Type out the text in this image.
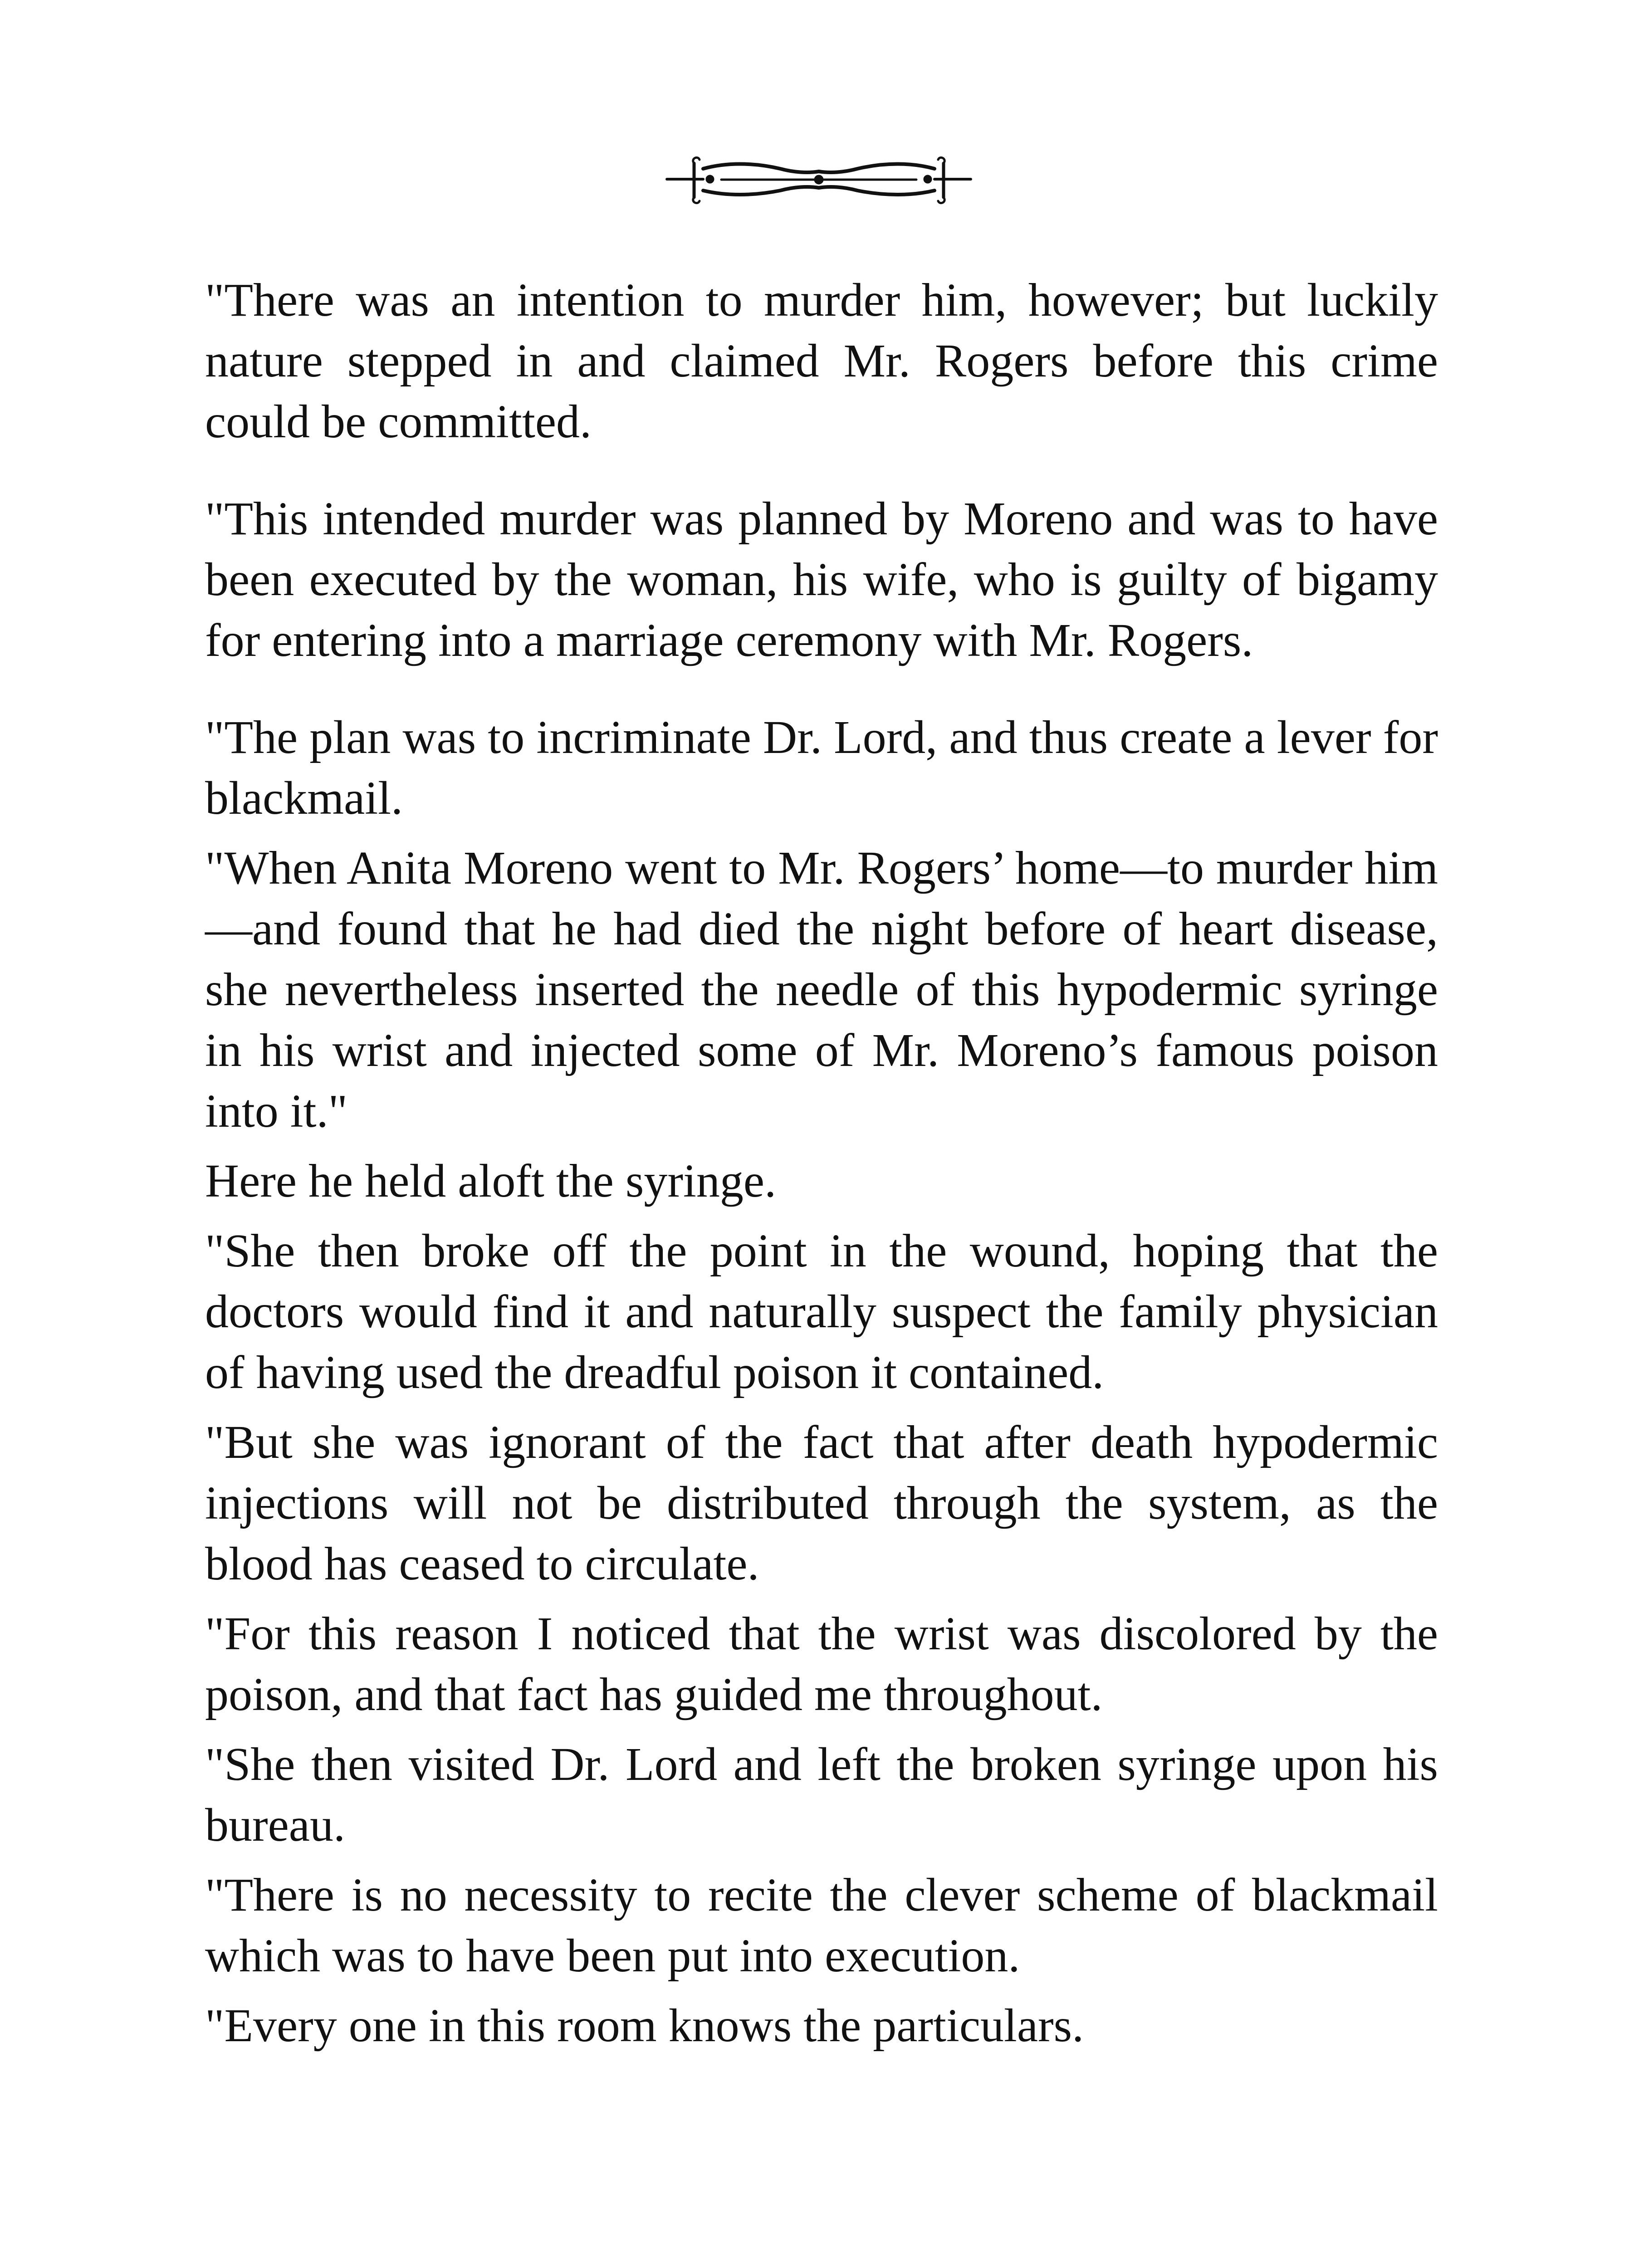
"There was an intention to murder him, however; but luckily nature stepped in and claimed Mr. Rogers before this crime could be committed.

"This intended murder was planned by Moreno and was to have been executed by the woman, his wife, who is guilty of bigamy for entering into a marriage ceremony with Mr. Rogers.

"The plan was to incriminate Dr. Lord, and thus create a lever for blackmail.

"When Anita Moreno went to Mr. Rogers’ home—to murder him—and found that he had died the night before of heart disease, she nevertheless inserted the needle of this hypodermic syringe in his wrist and injected some of Mr. Moreno’s famous poison into it."

Here he held aloft the syringe.

"She then broke off the point in the wound, hoping that the doctors would find it and naturally suspect the family physician of having used the dreadful poison it contained.

"But she was ignorant of the fact that after death hypodermic injections will not be distributed through the system, as the blood has ceased to circulate.

"For this reason I noticed that the wrist was discolored by the poison, and that fact has guided me throughout.

"She then visited Dr. Lord and left the broken syringe upon his bureau.

"There is no necessity to recite the clever scheme of blackmail which was to have been put into execution.

"Every one in this room knows the particulars.
